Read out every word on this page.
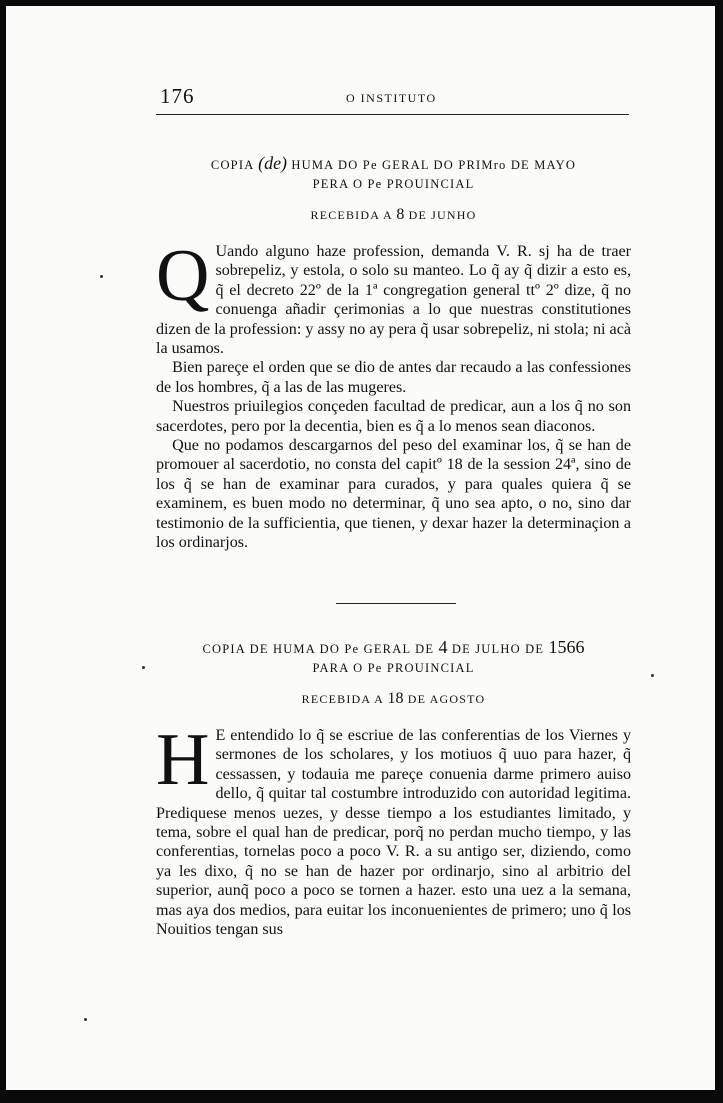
176	O INSTITUTO
COPIA (de) HUMA DO Pe GERAL DO PRIMro DE MAYO
PERA O Pe PROUINCIAL
RECEBIDA A 8 DE JUNHO
Q Uando alguno haze profession, demanda V. R. sj ha de traer sobrepeliz, y estola, o solo su manteo. Lo q̃ ay q̃ dizir a esto es, q̃ el decreto 22º de la 1ª congregation general ttº 2º dize, q̃ no conuenga añadir çerimonias a lo que nuestras constitutiones dizen de la profession: y assy no ay pera q̃ usar sobrepeliz, ni stola; ni acà la usamos.

Bien pareçe el orden que se dio de antes dar recaudo a las confessiones de los hombres, q̃ a las de las mugeres.

Nuestros priuilegios conçeden facultad de predicar, aun a los q̃ no son sacerdotes, pero por la decentia, bien es q̃ a lo menos sean diaconos.

Que no podamos descargarnos del peso del examinar los, q̃ se han de promouer al sacerdotio, no consta del capitº 18 de la session 24ª, sino de los q̃ se han de examinar para curados, y para quales quiera q̃ se examinem, es buen modo no determinar, q̃ uno sea apto, o no, sino dar testimonio de la sufficientia, que tienen, y dexar hazer la determinaçion a los ordinarjos.

COPIA DE HUMA DO Pe GERAL DE 4 DE JULHO DE 1566
PARA O Pe PROUINCIAL
RECEBIDA A 18 DE AGOSTO
H E entendido lo q̃ se escriue de las conferentias de los Viernes y sermones de los scholares, y los motiuos q̃ uuo para hazer, q̃ cessassen, y todauia me pareçe conuenia darme primero auiso dello, q̃ quitar tal costumbre introduzido con autoridad legitima. Prediquese menos uezes, y desse tiempo a los estudiantes limitado, y tema, sobre el qual han de predicar, porq̃ no perdan mucho tiempo, y las conferentias, tornelas poco a poco V. R. a su antigo ser, diziendo, como ya les dixo, q̃ no se han de hazer por ordinarjo, sino al arbitrio del superior, aunq̃ poco a poco se tornen a hazer. esto una uez a la semana, mas aya dos medios, para euitar los inconuenientes de primero; uno q̃ los Nouitios tengan sus
